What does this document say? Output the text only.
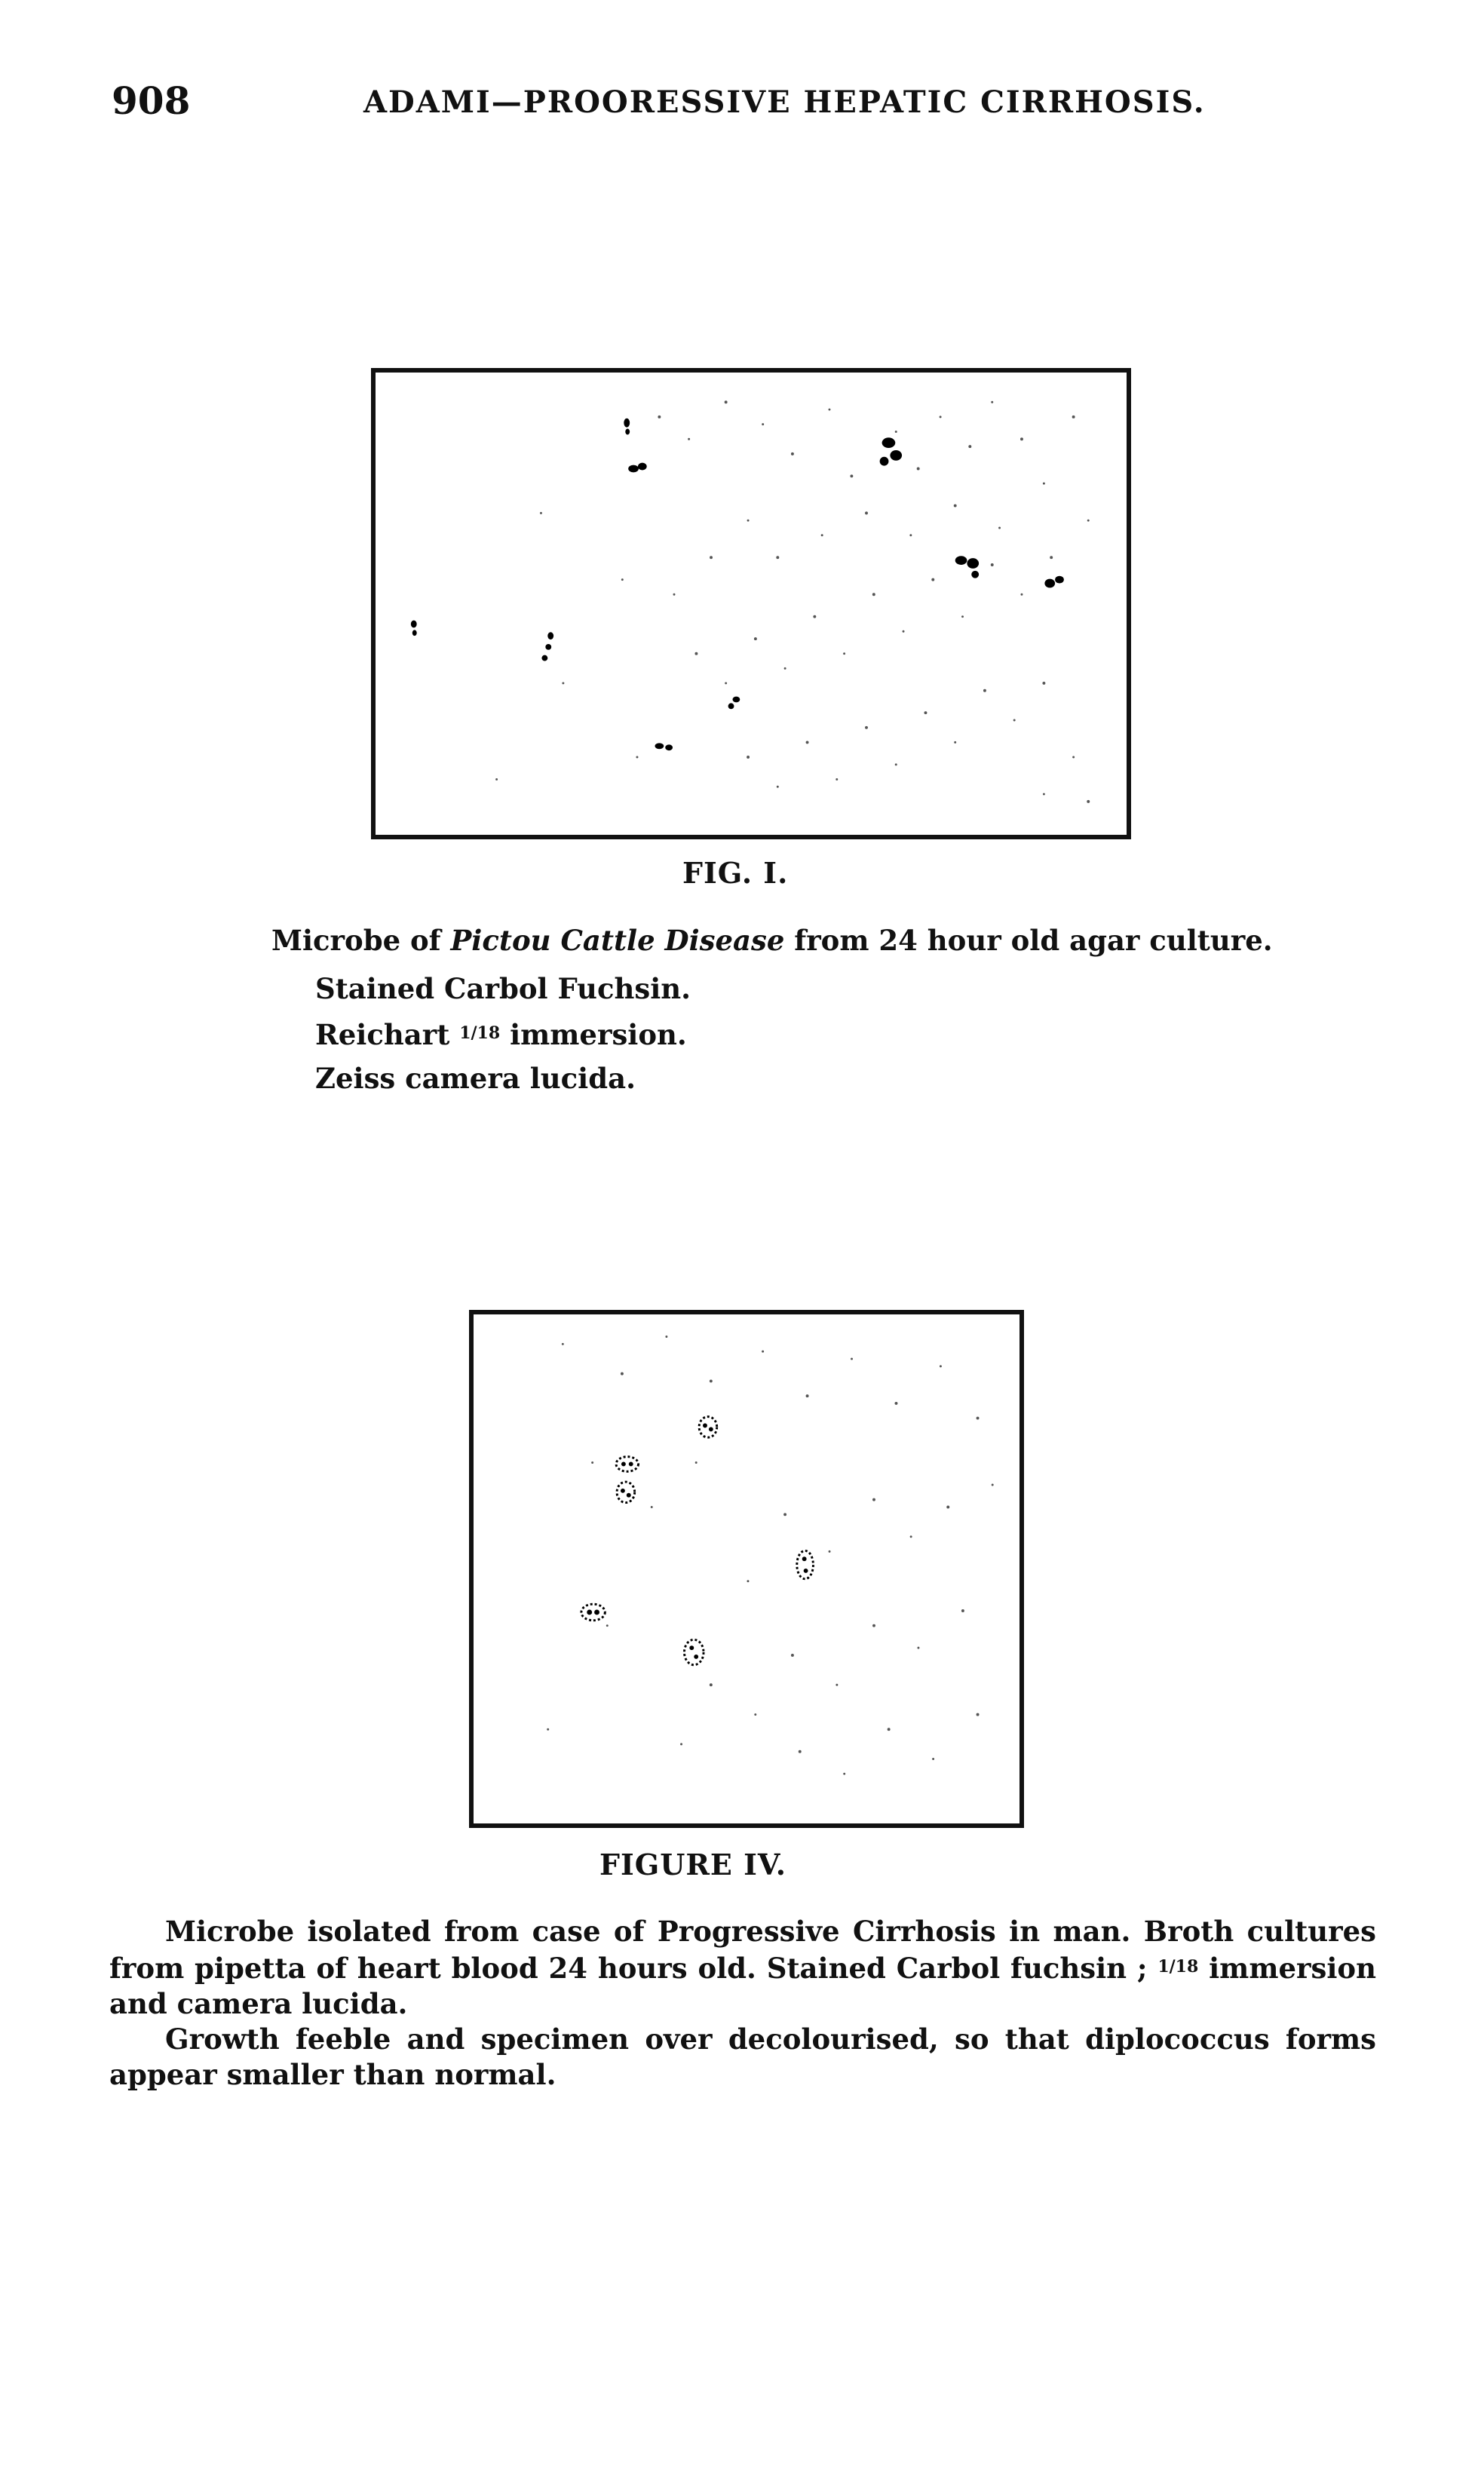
908	ADAMI—PROORESSIVE HEPATIC CIRRHOSIS.
FIG. I.
Microbe of Pictou Cattle Disease from 24 hour old agar culture.
Stained Carbol Fuchsin.
Reichart $^{1/18}$ immersion.
Zeiss camera lucida.
FIGURE IV.

Microbe isolated from case of Progressive Cirrhosis in man. Broth cultures from pipetta of heart blood 24 hours old. Stained Carbol fuchsin ; $^{1/18}$ immersion and camera lucida.

Growth feeble and specimen over decolourised, so that diplococcus forms appear smaller than normal.
